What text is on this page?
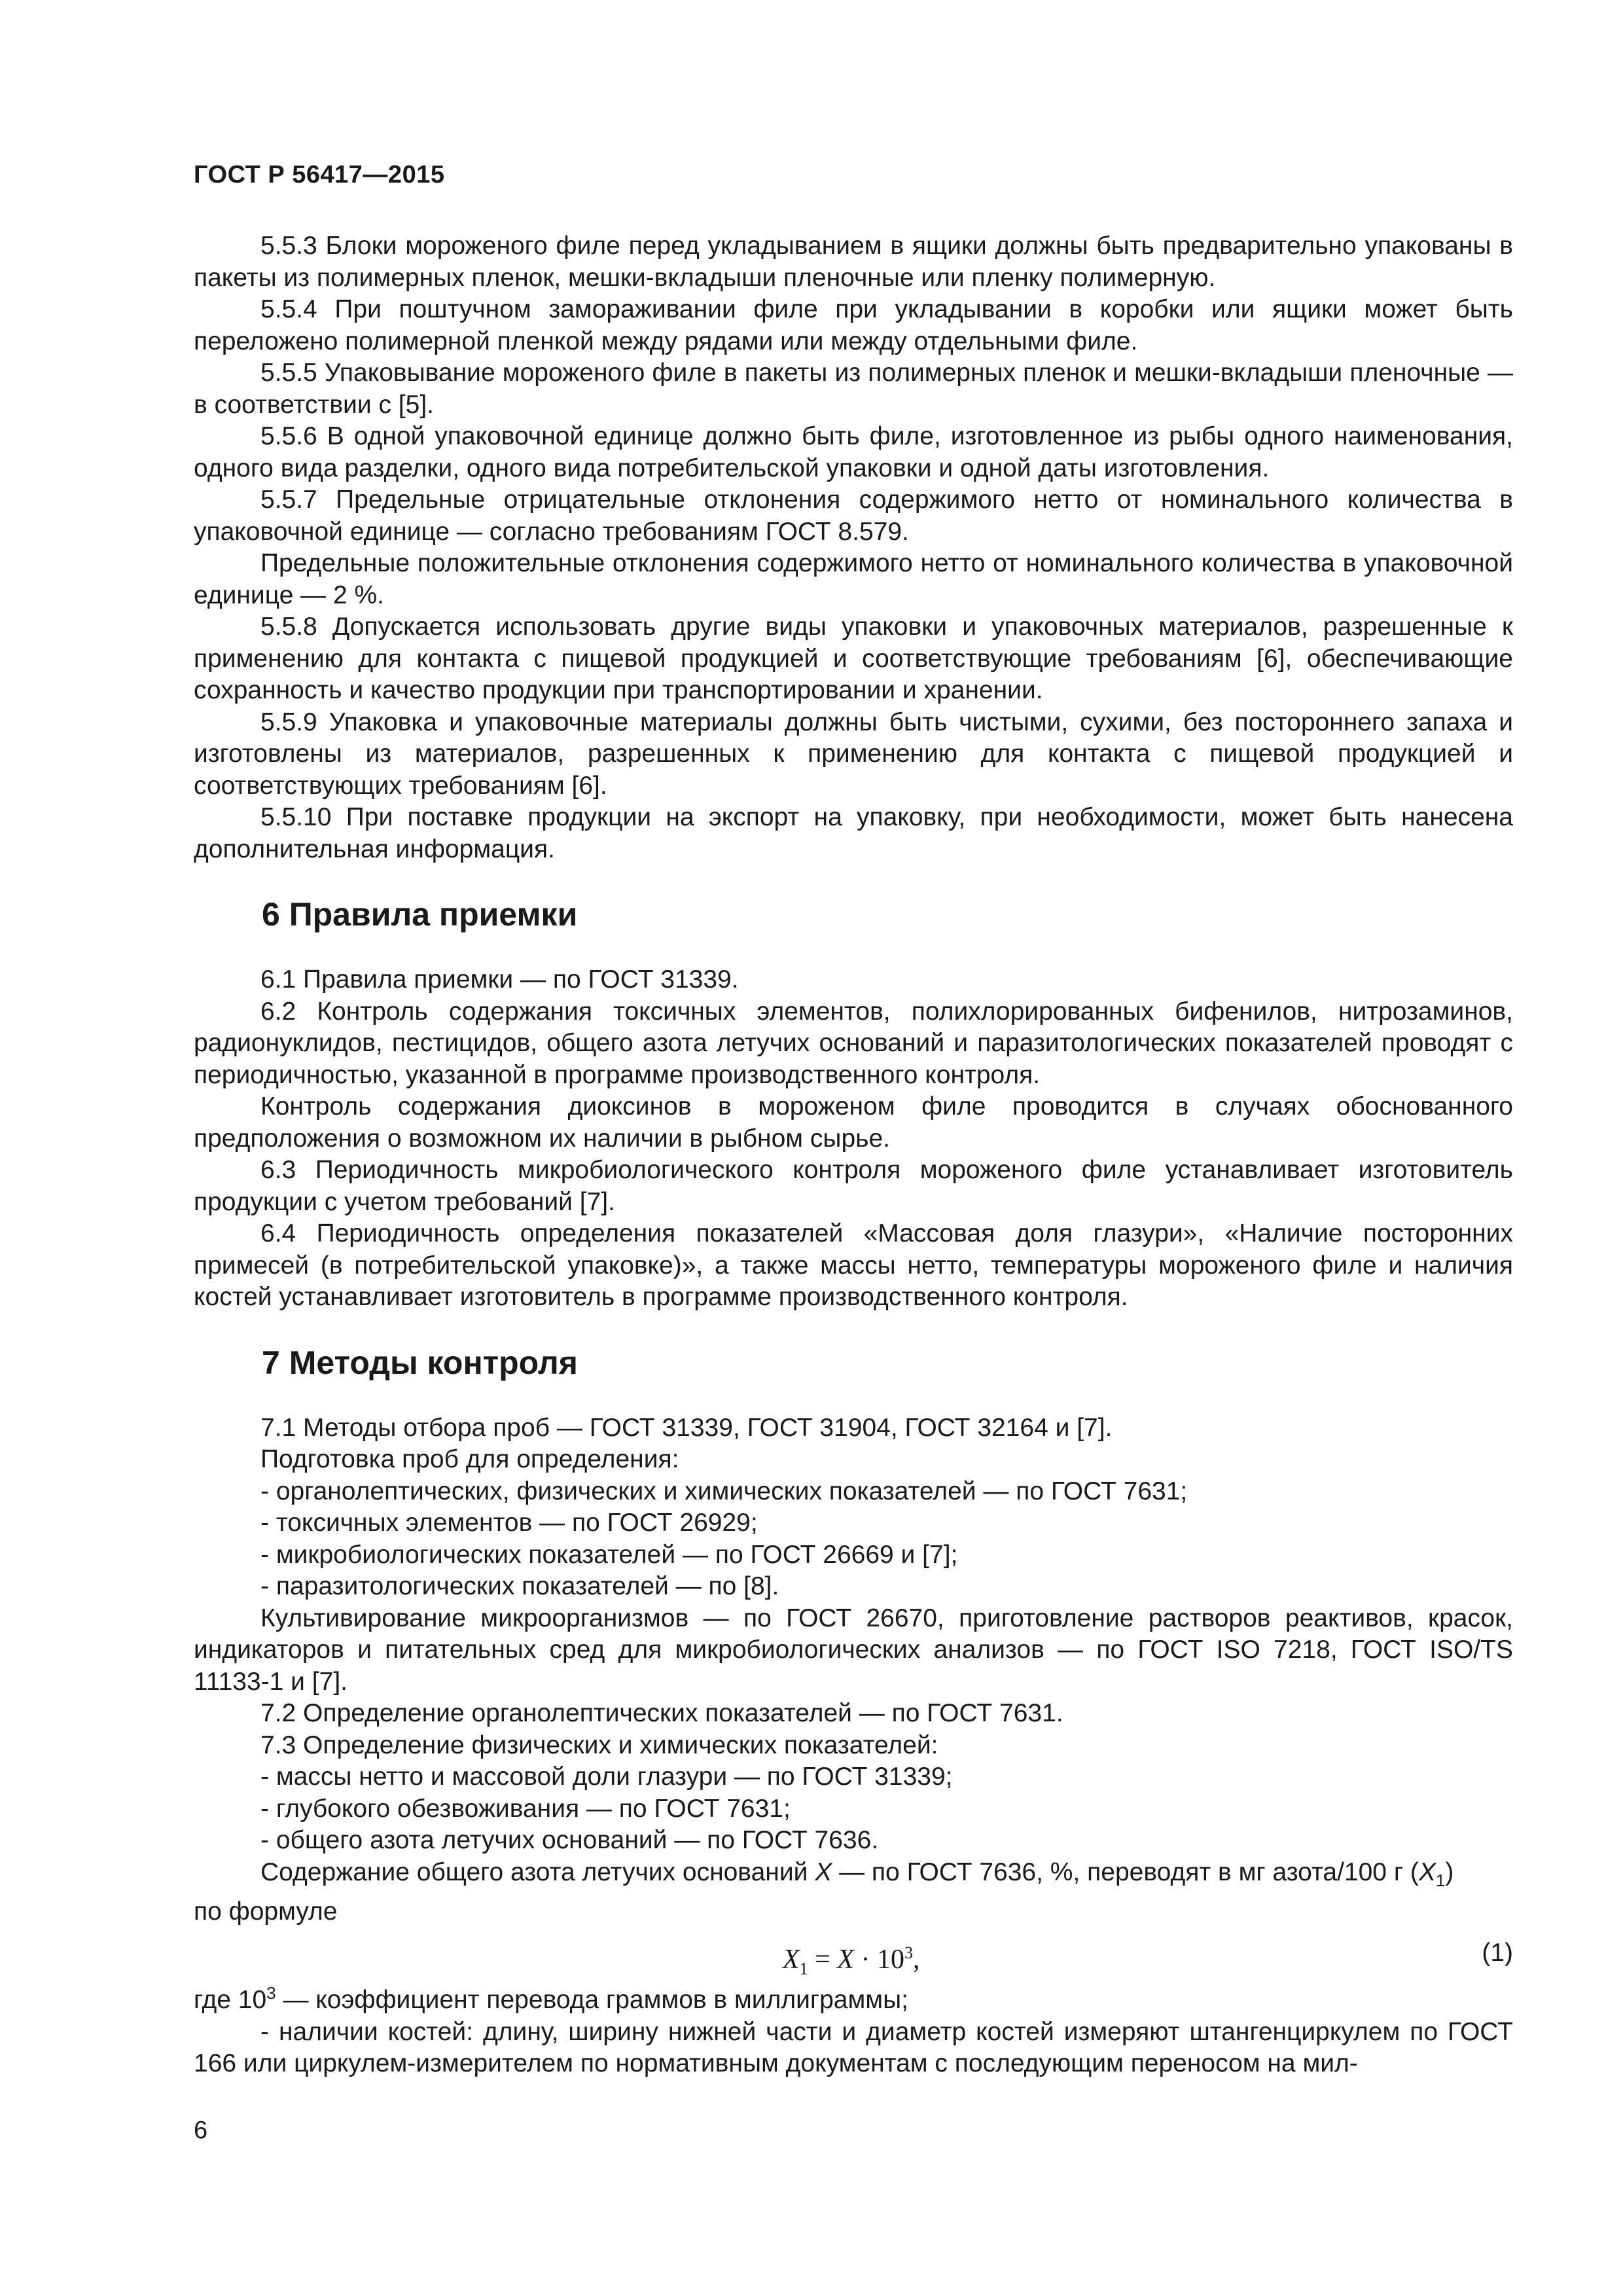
ГОСТ Р 56417—2015

5.5.3 Блоки мороженого филе перед укладыванием в ящики должны быть предварительно упакованы в пакеты из полимерных пленок, мешки-вкладыши пленочные или пленку полимерную.

5.5.4 При поштучном замораживании филе при укладывании в коробки или ящики может быть переложено полимерной пленкой между рядами или между отдельными филе.

5.5.5 Упаковывание мороженого филе в пакеты из полимерных пленок и мешки-вкладыши пленочные — в соответствии с [5].

5.5.6 В одной упаковочной единице должно быть филе, изготовленное из рыбы одного наименования, одного вида разделки, одного вида потребительской упаковки и одной даты изготовления.

5.5.7 Предельные отрицательные отклонения содержимого нетто от номинального количества в упаковочной единице — согласно требованиям ГОСТ 8.579.

Предельные положительные отклонения содержимого нетто от номинального количества в упаковочной единице — 2 %.

5.5.8 Допускается использовать другие виды упаковки и упаковочных материалов, разрешенные к применению для контакта с пищевой продукцией и соответствующие требованиям [6], обеспечивающие сохранность и качество продукции при транспортировании и хранении.

5.5.9 Упаковка и упаковочные материалы должны быть чистыми, сухими, без постороннего запаха и изготовлены из материалов, разрешенных к применению для контакта с пищевой продукцией и соответствующих требованиям [6].

5.5.10 При поставке продукции на экспорт на упаковку, при необходимости, может быть нанесена дополнительная информация.

6 Правила приемки

6.1 Правила приемки — по ГОСТ 31339.

6.2 Контроль содержания токсичных элементов, полихлорированных бифенилов, нитрозаминов, радионуклидов, пестицидов, общего азота летучих оснований и паразитологических показателей проводят с периодичностью, указанной в программе производственного контроля.

Контроль содержания диоксинов в мороженом филе проводится в случаях обоснованного предположения о возможном их наличии в рыбном сырье.

6.3 Периодичность микробиологического контроля мороженого филе устанавливает изготовитель продукции с учетом требований [7].

6.4 Периодичность определения показателей «Массовая доля глазури», «Наличие посторонних примесей (в потребительской упаковке)», а также массы нетто, температуры мороженого филе и наличия костей устанавливает изготовитель в программе производственного контроля.

7 Методы контроля

7.1 Методы отбора проб — ГОСТ 31339, ГОСТ 31904, ГОСТ 32164 и [7].

Подготовка проб для определения:

- органолептических, физических и химических показателей — по ГОСТ 7631;

- токсичных элементов — по ГОСТ 26929;

- микробиологических показателей — по ГОСТ 26669 и [7];

- паразитологических показателей — по [8].

Культивирование микроорганизмов — по ГОСТ 26670, приготовление растворов реактивов, красок, индикаторов и питательных сред для микробиологических анализов — по ГОСТ ISO 7218, ГОСТ ISO/TS 11133-1 и [7].

7.2 Определение органолептических показателей — по ГОСТ 7631.

7.3 Определение физических и химических показателей:

- массы нетто и массовой доли глазури — по ГОСТ 31339;

- глубокого обезвоживания — по ГОСТ 7631;

- общего азота летучих оснований — по ГОСТ 7636.

Содержание общего азота летучих оснований X — по ГОСТ 7636, %, переводят в мг азота/100 г $(X_1)$

по формуле

$X_1 = X \cdot 10^3$,	(1)

где $10^3$ — коэффициент перевода граммов в миллиграммы;

- наличии костей: длину, ширину нижней части и диаметр костей измеряют штангенциркулем по ГОСТ 166 или циркулем-измерителем по нормативным документам с последующим переносом на мил-

6
